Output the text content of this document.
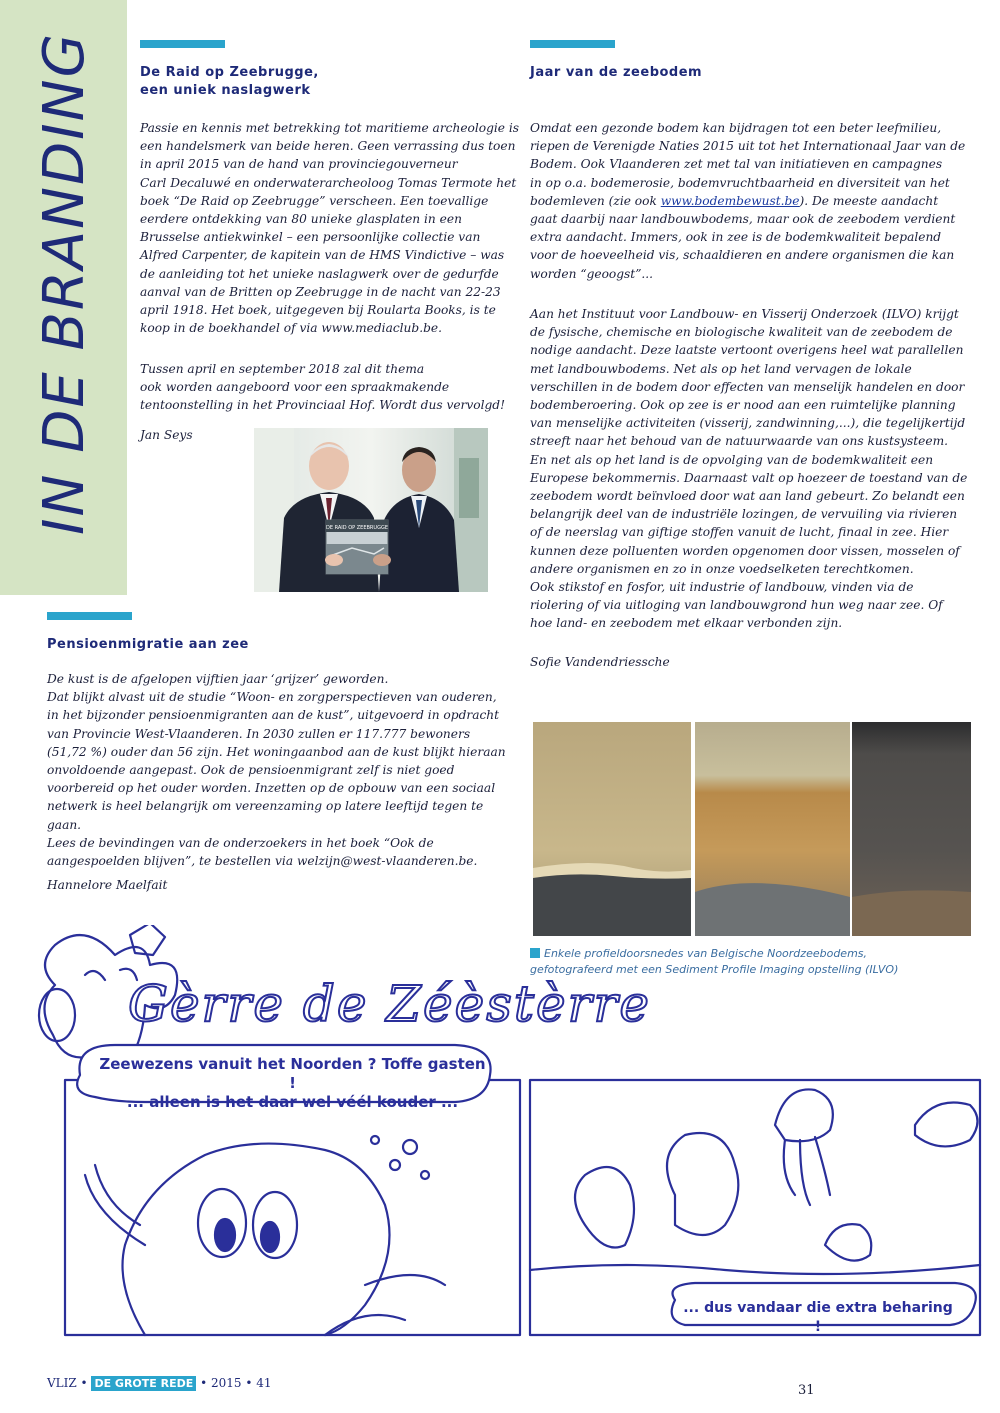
IN DE BRANDING	De Raid op Zeebrugge,
een uniek naslagwerk
Passie en kennis met betrekking tot maritieme archeologie is
een handelsmerk van beide heren. Geen verrassing dus toen
in april 2015 van de hand van provinciegouverneur
Carl Decaluwé en onderwaterarcheoloog Tomas Termote het
boek “De Raid op Zeebrugge” verscheen. Een toevallige
eerdere ontdekking van 80 unieke glasplaten in een
Brusselse antiekwinkel – een persoonlijke collectie van
Alfred Carpenter, de kapitein van de HMS Vindictive – was
de aanleiding tot het unieke naslagwerk over de gedurfde
aanval van de Britten op Zeebrugge in de nacht van 22-23
april 1918. Het boek, uitgegeven bij Roularta Books, is te
koop in de boekhandel of via www.mediaclub.be.
Tussen april en september 2018 zal dit thema
ook worden aangeboord voor een spraakmakende
tentoonstelling in het Provinciaal Hof. Wordt dus vervolgd!
Jan Seys
DE RAID OP ZEEBRUGGE
Jaar van de zeebodem
Omdat een gezonde bodem kan bijdragen tot een beter leefmilieu,
riepen de Verenigde Naties 2015 uit tot het Internationaal Jaar van de
Bodem. Ook Vlaanderen zet met tal van initiatieven en campagnes
in op o.a. bodemerosie, bodemvruchtbaarheid en diversiteit van het
bodemleven (zie ook www.bodembewust.be). De meeste aandacht
gaat daarbij naar landbouwbodems, maar ook de zeebodem verdient
extra aandacht. Immers, ook in zee is de bodemkwaliteit bepalend
voor de hoeveelheid vis, schaaldieren en andere organismen die kan
worden “geoogst”...
Aan het Instituut voor Landbouw- en Visserij Onderzoek (ILVO) krijgt
de fysische, chemische en biologische kwaliteit van de zeebodem de
nodige aandacht. Deze laatste vertoont overigens heel wat parallellen
met landbouwbodems. Net als op het land vervagen de lokale
verschillen in de bodem door effecten van menselijk handelen en door
bodemberoering. Ook op zee is er nood aan een ruimtelijke planning
van menselijke activiteiten (visserij, zandwinning,...), die tegelijkertijd
streeft naar het behoud van de natuurwaarde van ons kustsysteem.
En net als op het land is de opvolging van de bodemkwaliteit een
Europese bekommernis. Daarnaast valt op hoezeer de toestand van de
zeebodem wordt beïnvloed door wat aan land gebeurt. Zo belandt een
belangrijk deel van de industriële lozingen, de vervuiling via rivieren
of de neerslag van giftige stoffen vanuit de lucht, finaal in zee. Hier
kunnen deze polluenten worden opgenomen door vissen, mosselen of
andere organismen en zo in onze voedselketen terechtkomen.
Ook stikstof en fosfor, uit industrie of landbouw, vinden via de
riolering of via uitloging van landbouwgrond hun weg naar zee. Of
hoe land- en zeebodem met elkaar verbonden zijn.
Sofie Vandendriessche
Enkele profieldoorsnedes van Belgische Noordzeebodems,
gefotografeerd met een Sediment Profile Imaging opstelling (ILVO)
Pensioenmigratie aan zee
De kust is de afgelopen vijftien jaar ‘grijzer’ geworden.
Dat blijkt alvast uit de studie “Woon- en zorgperspectieven van ouderen,
in het bijzonder pensioenmigranten aan de kust”, uitgevoerd in opdracht
van Provincie West-Vlaanderen. In 2030 zullen er 117.777 bewoners
(51,72 %) ouder dan 56 zijn. Het woningaanbod aan de kust blijkt hieraan
onvoldoende aangepast. Ook de pensioenmigrant zelf is niet goed
voorbereid op het ouder worden. Inzetten op de opbouw van een sociaal
netwerk is heel belangrijk om vereenzaming op latere leeftijd tegen te gaan.
Lees de bevindingen van de onderzoekers in het boek “Ook de
aangespoelden blijven”, te bestellen via welzijn@west-vlaanderen.be.
Hannelore Maelfait
Gèrre de Zéèstèrre
Zeewezens vanuit het Noorden ? Toffe gasten !
... alleen is het daar wel véél kouder ...
... dus vandaar die extra beharing !
VLIZ • DE GROTE REDE • 2015 • 41	31
